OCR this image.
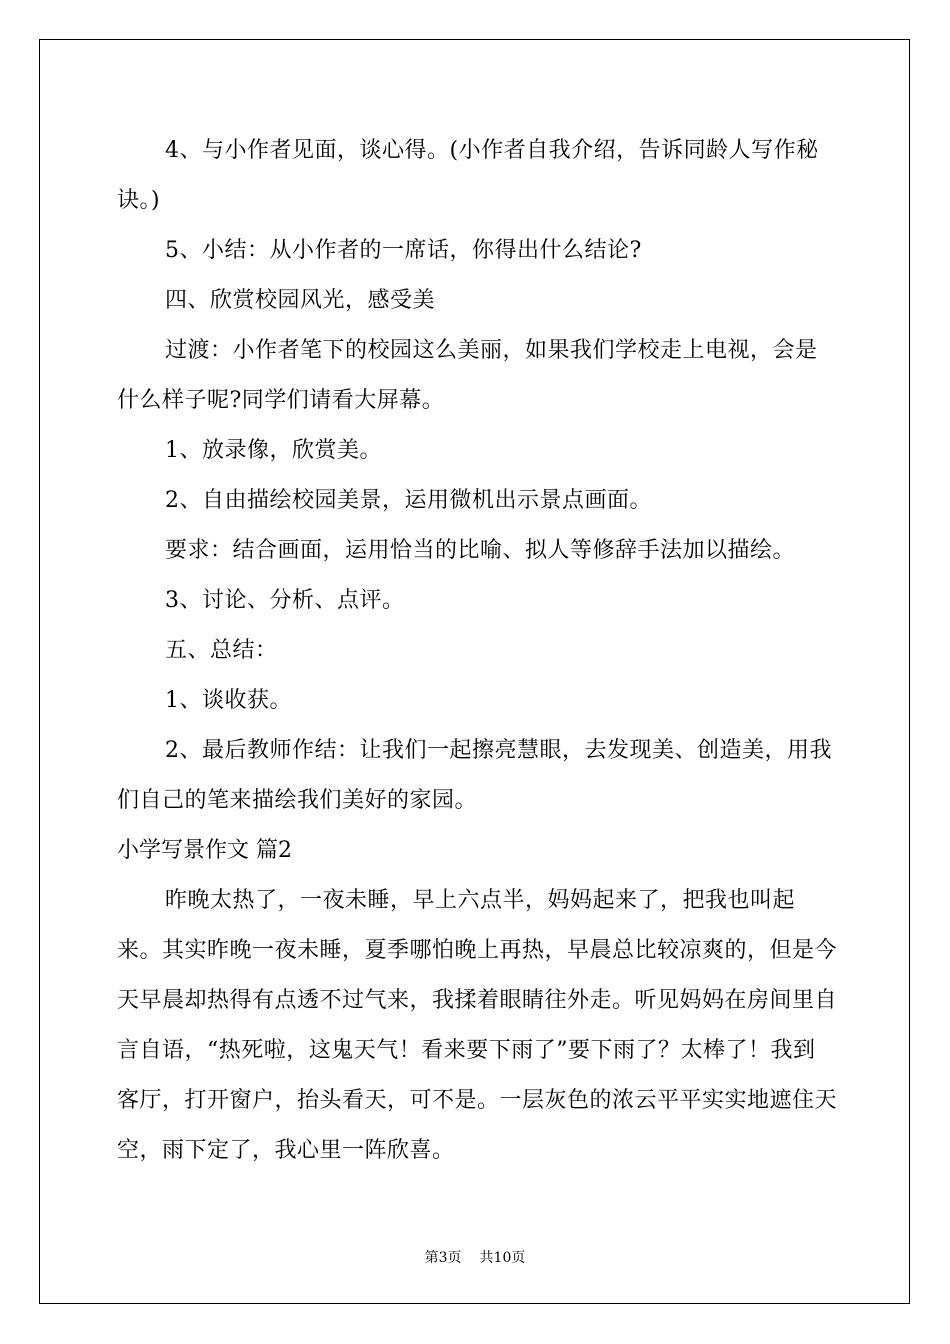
4、与小作者见面，谈心得。(小作者自我介绍，告诉同龄人写作秘诀。)

5、小结：从小作者的一席话，你得出什么结论?

四、欣赏校园风光，感受美

过渡：小作者笔下的校园这么美丽，如果我们学校走上电视，会是什么样子呢?同学们请看大屏幕。

1、放录像，欣赏美。

2、自由描绘校园美景，运用微机出示景点画面。

要求：结合画面，运用恰当的比喻、拟人等修辞手法加以描绘。

3、讨论、分析、点评。

五、总结：

1、谈收获。

2、最后教师作结：让我们一起擦亮慧眼，去发现美、创造美，用我们自己的笔来描绘我们美好的家园。

小学写景作文 篇2

昨晚太热了，一夜未睡，早上六点半，妈妈起来了，把我也叫起来。其实昨晚一夜未睡，夏季哪怕晚上再热，早晨总比较凉爽的，但是今天早晨却热得有点透不过气来，我揉着眼睛往外走。听见妈妈在房间里自言自语，“热死啦，这鬼天气！看来要下雨了”要下雨了？太棒了！我到客厅，打开窗户，抬头看天，可不是。一层灰色的浓云平平实实地遮住天空，雨下定了，我心里一阵欣喜。

第3页 共10页
